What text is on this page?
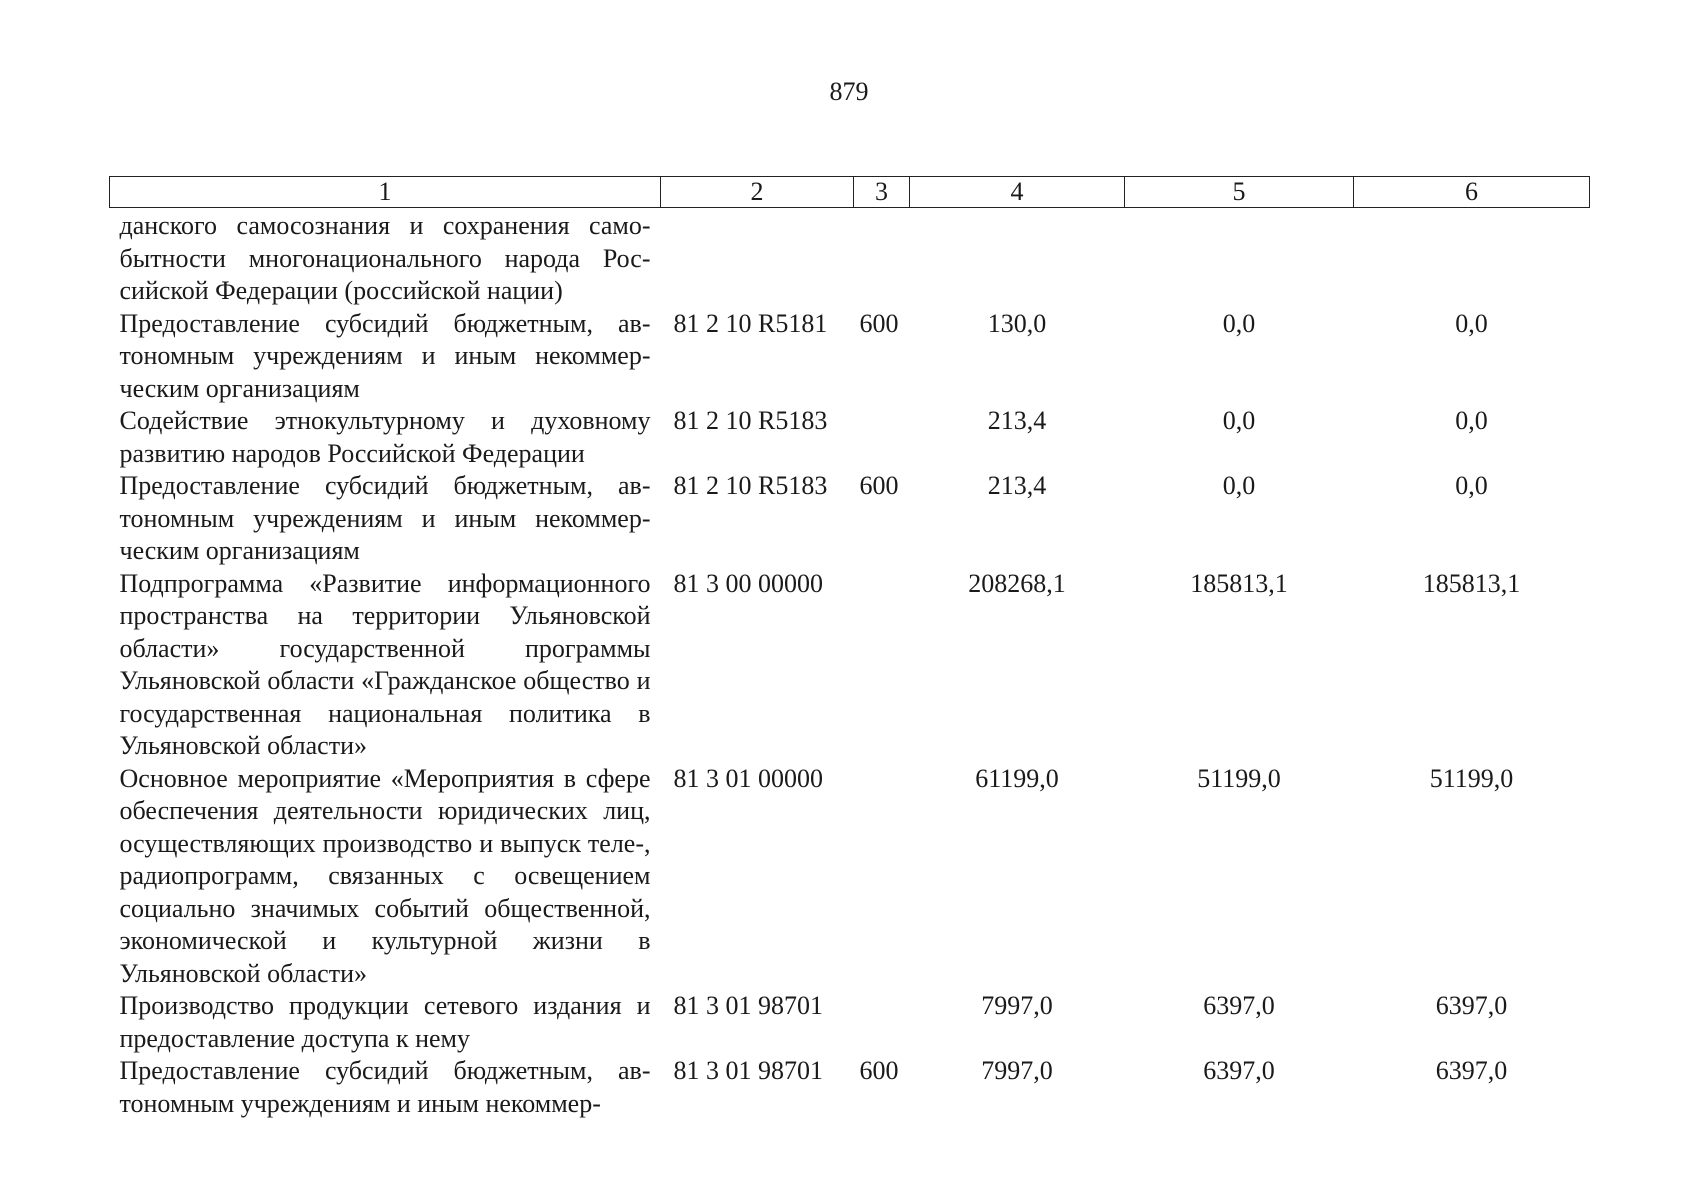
879
1	2	3	4	5	6
данского самосознания и сохранения самобытности многонационального народа Российской Федерации (российской нации)					
Предоставление субсидий бюджетным, автономным учреждениям и иным некоммерческим организациям	81 2 10 R5181	600	130,0	0,0	0,0
Содействие этнокультурному и духовному развитию народов Российской Федерации	81 2 10 R5183		213,4	0,0	0,0
Предоставление субсидий бюджетным, автономным учреждениям и иным некоммерческим организациям	81 2 10 R5183	600	213,4	0,0	0,0
Подпрограмма «Развитие информационного пространства на территории Ульяновской области» государственной программы Ульяновской области «Гражданское общество и государственная национальная политика в Ульяновской области»	81 3 00 00000		208268,1	185813,1	185813,1
Основное мероприятие «Мероприятия в сфере обеспечения деятельности юридических лиц, осуществляющих производство и выпуск теле-, радиопрограмм, связанных с освещением социально значимых событий общественной, экономической и культурной жизни в Ульяновской области»	81 3 01 00000		61199,0	51199,0	51199,0
Производство продукции сетевого издания и предоставление доступа к нему	81 3 01 98701		7997,0	6397,0	6397,0
Предоставление субсидий бюджетным, автономным учреждениям и иным некоммер-	81 3 01 98701	600	7997,0	6397,0	6397,0
